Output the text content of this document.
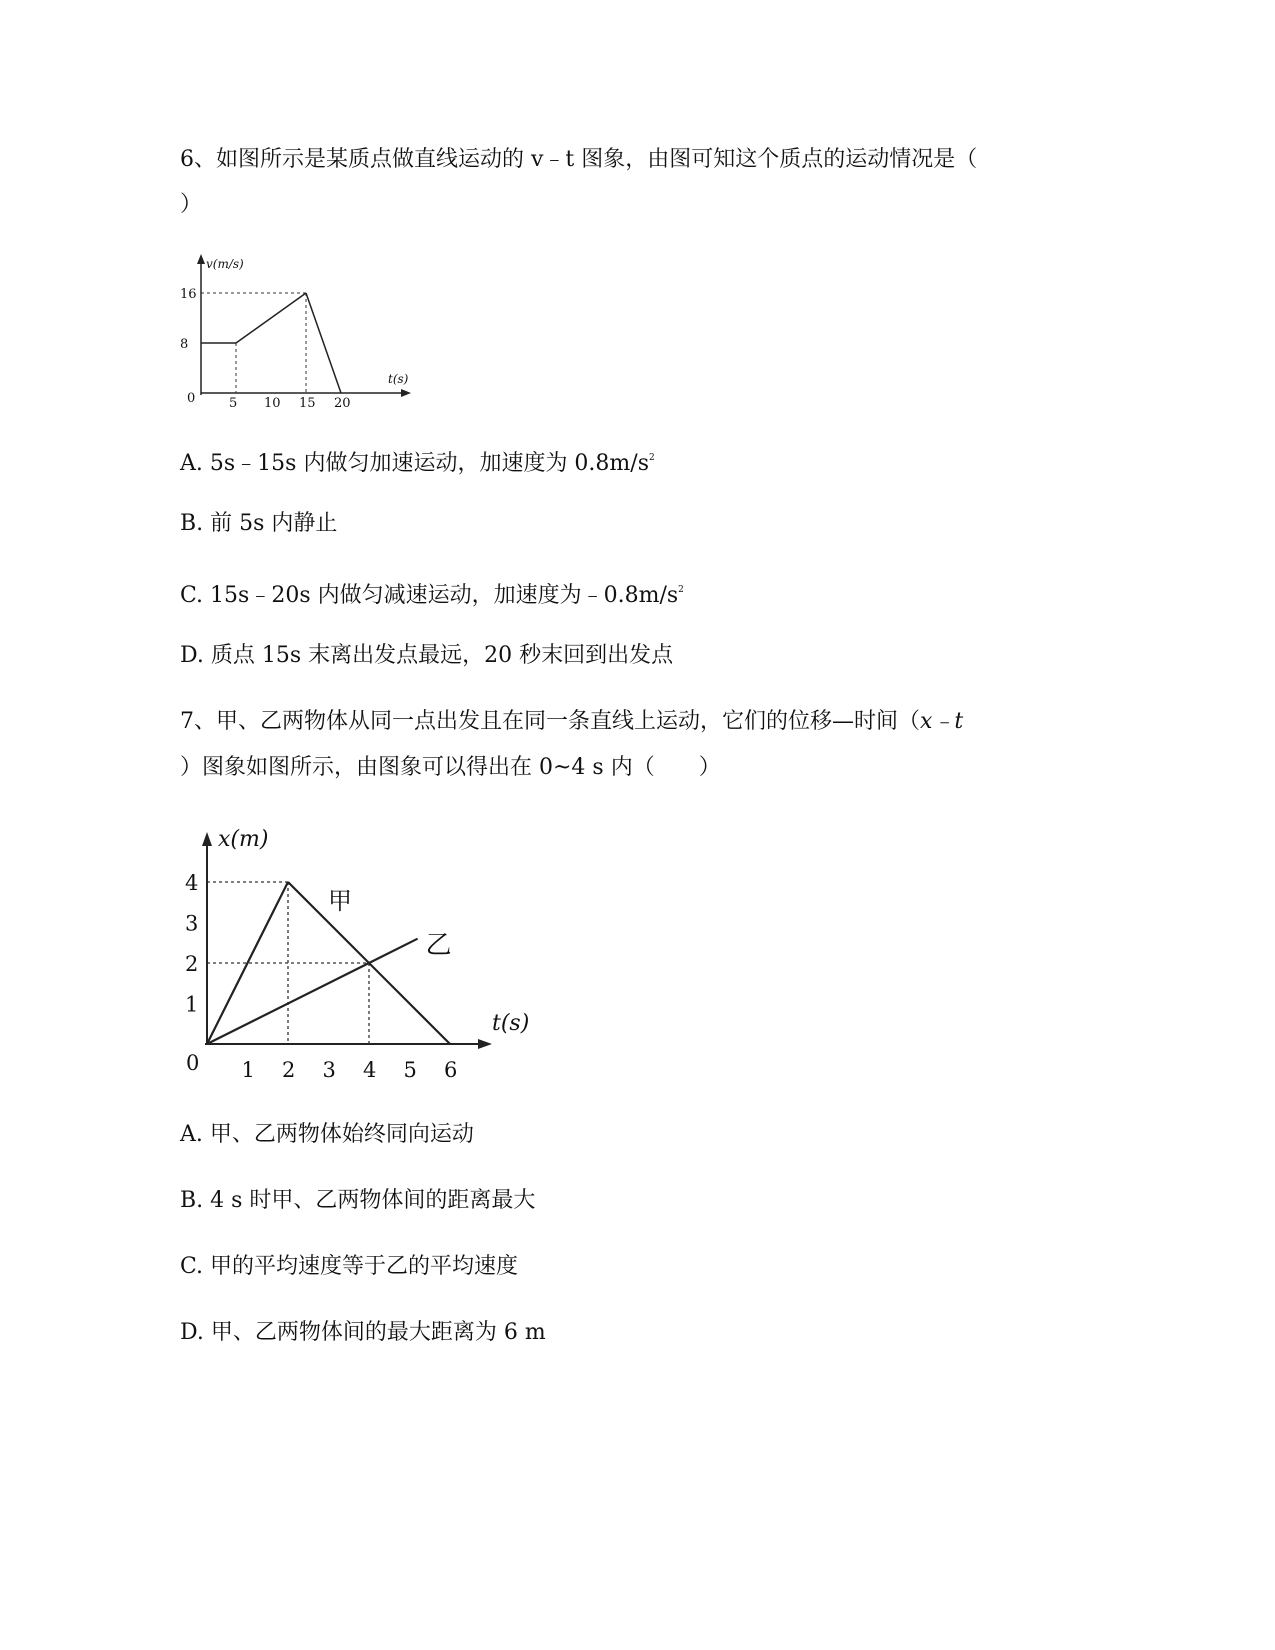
6、如图所示是某质点做直线运动的 v﹣t 图象，由图可知这个质点的运动情况是（
）
v(m/s)
t(s)
0	5 10 15 20
8
16
A. 5s﹣15s 内做匀加速运动，加速度为 $0.8m/s^2$
B. 前 5s 内静止
C. 15s﹣20s 内做匀减速运动，加速度为$﹣0.8m/s^2$
D. 质点 15s 末离出发点最远，20 秒末回到出发点
7、甲、乙两物体从同一点出发且在同一条直线上运动，它们的位移—时间（x﹣t
）图象如图所示，由图象可以得出在 0~4 s 内（　　）
x(m)
t(s)
0 1 2 3 4 5 6
1
2
3
4
甲
乙
A. 甲、乙两物体始终同向运动
B. 4 s 时甲、乙两物体间的距离最大
C. 甲的平均速度等于乙的平均速度
D. 甲、乙两物体间的最大距离为 6 m
